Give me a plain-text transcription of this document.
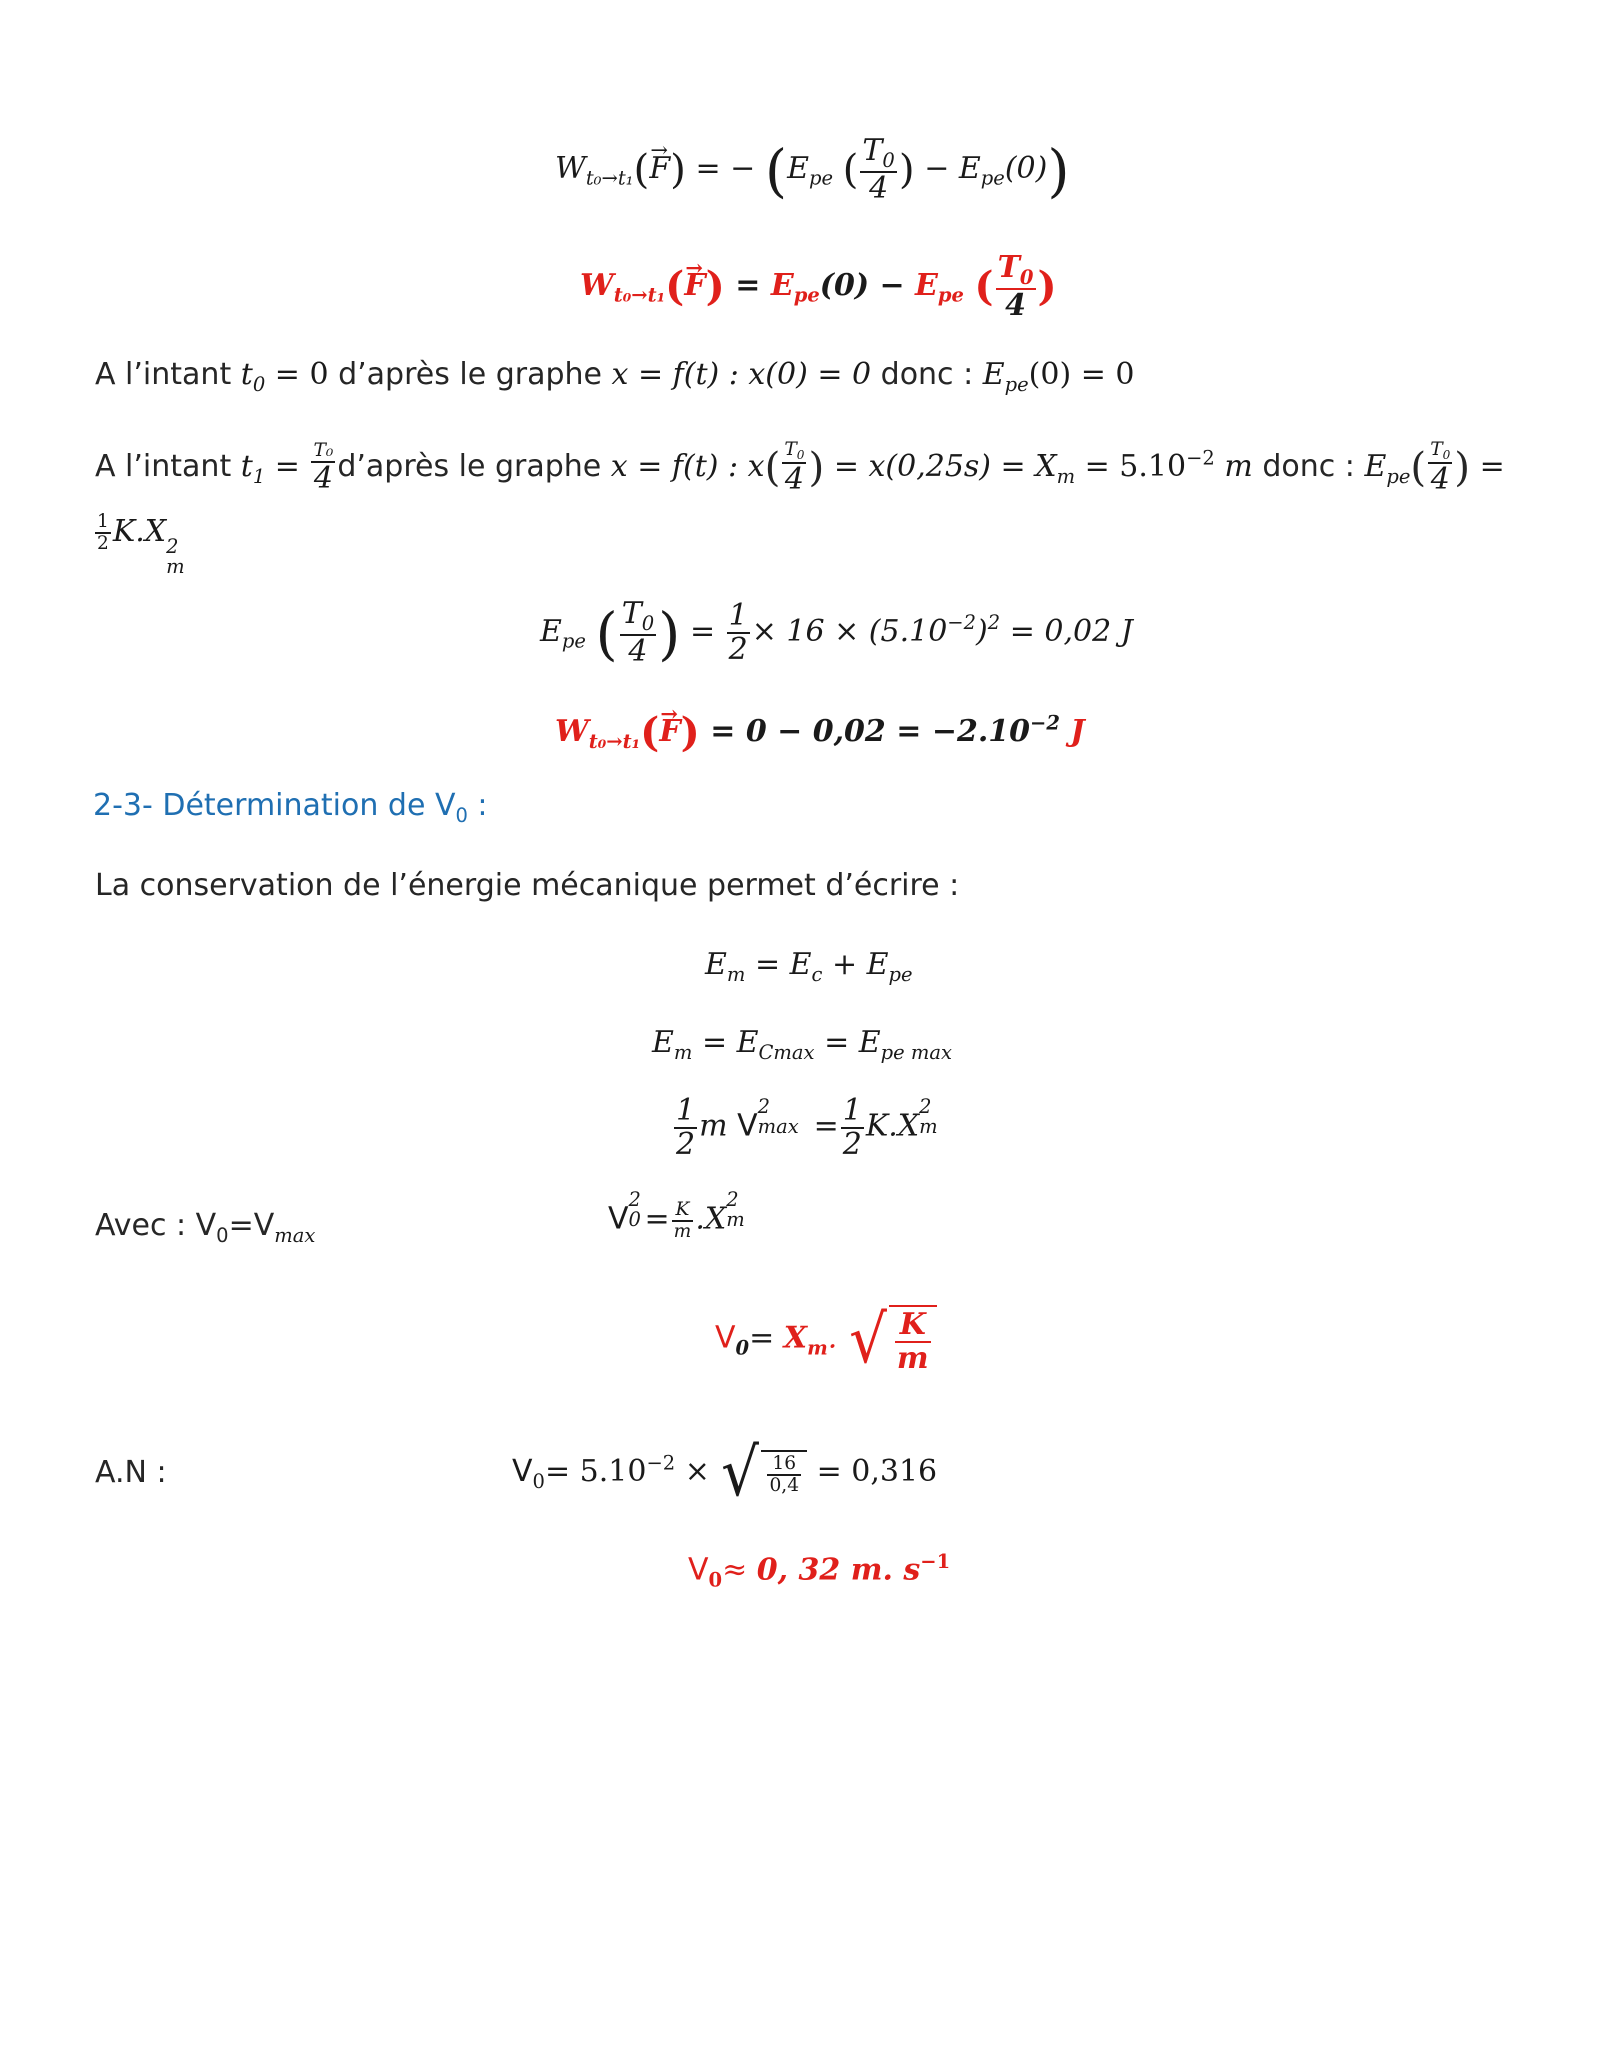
$W_{t_0\to t_1}(\to F)$ = − ($E_{pe}$ ( $\frac{T_0}{4}$ ) − $E_{pe}(0)$)
$W_{t_0\to t_1}(\to F) = E_{pe}(0) - E_{pe}$ ( $\frac{T_0}{4}$ )
A l’intant $t_0 = 0$ d’après le graphe x = f(t) : x(0) = 0 donc : $E_{pe}(0) = 0$
A l’intant $t_1 = \frac{\text{T₀}}{4}$ d’après le graphe x = f(t) : $x( \frac{T_0}{4}$ ) = $x(0,25s) = X_m = 5.10^{-2}$ m donc : $E_{pe}( \frac{T_0}{4}$ ) =
$\frac{1}{2} K.X$ 2
m
$E_{pe}$ ( $\frac{T_0}{4}$ ) = $\frac{1}{2} \times 16 \times (5.10^{-2})^2 = 0,02$ J
$W_{t_0\to t_1}(\to F) = 0 - 0,02 = -2.10^{-2}$ J
2-3- Détermination de $V_0$ :
La conservation de l’énergie mécanique permet d’écrire :
$E_m = E_c + E_{pe}$
$E_m = E_{Cmax} = E_{pe max}$
$\frac{1}{2}$ m V
2
$\max = \frac{1}{2} K.X$
2
m

Avec : $V_0=V_{max}$	V
2
$0 = \frac{K}{m} .X$
2
m

$V_0= X_m$. √ $\frac{K}{m}$
A.N :	$V_0= 5.10^{-2}$ × √ $\frac{16}{0,4} = 0,316$
$V_0\approx 0$, 32 m. $s^{-1}$
